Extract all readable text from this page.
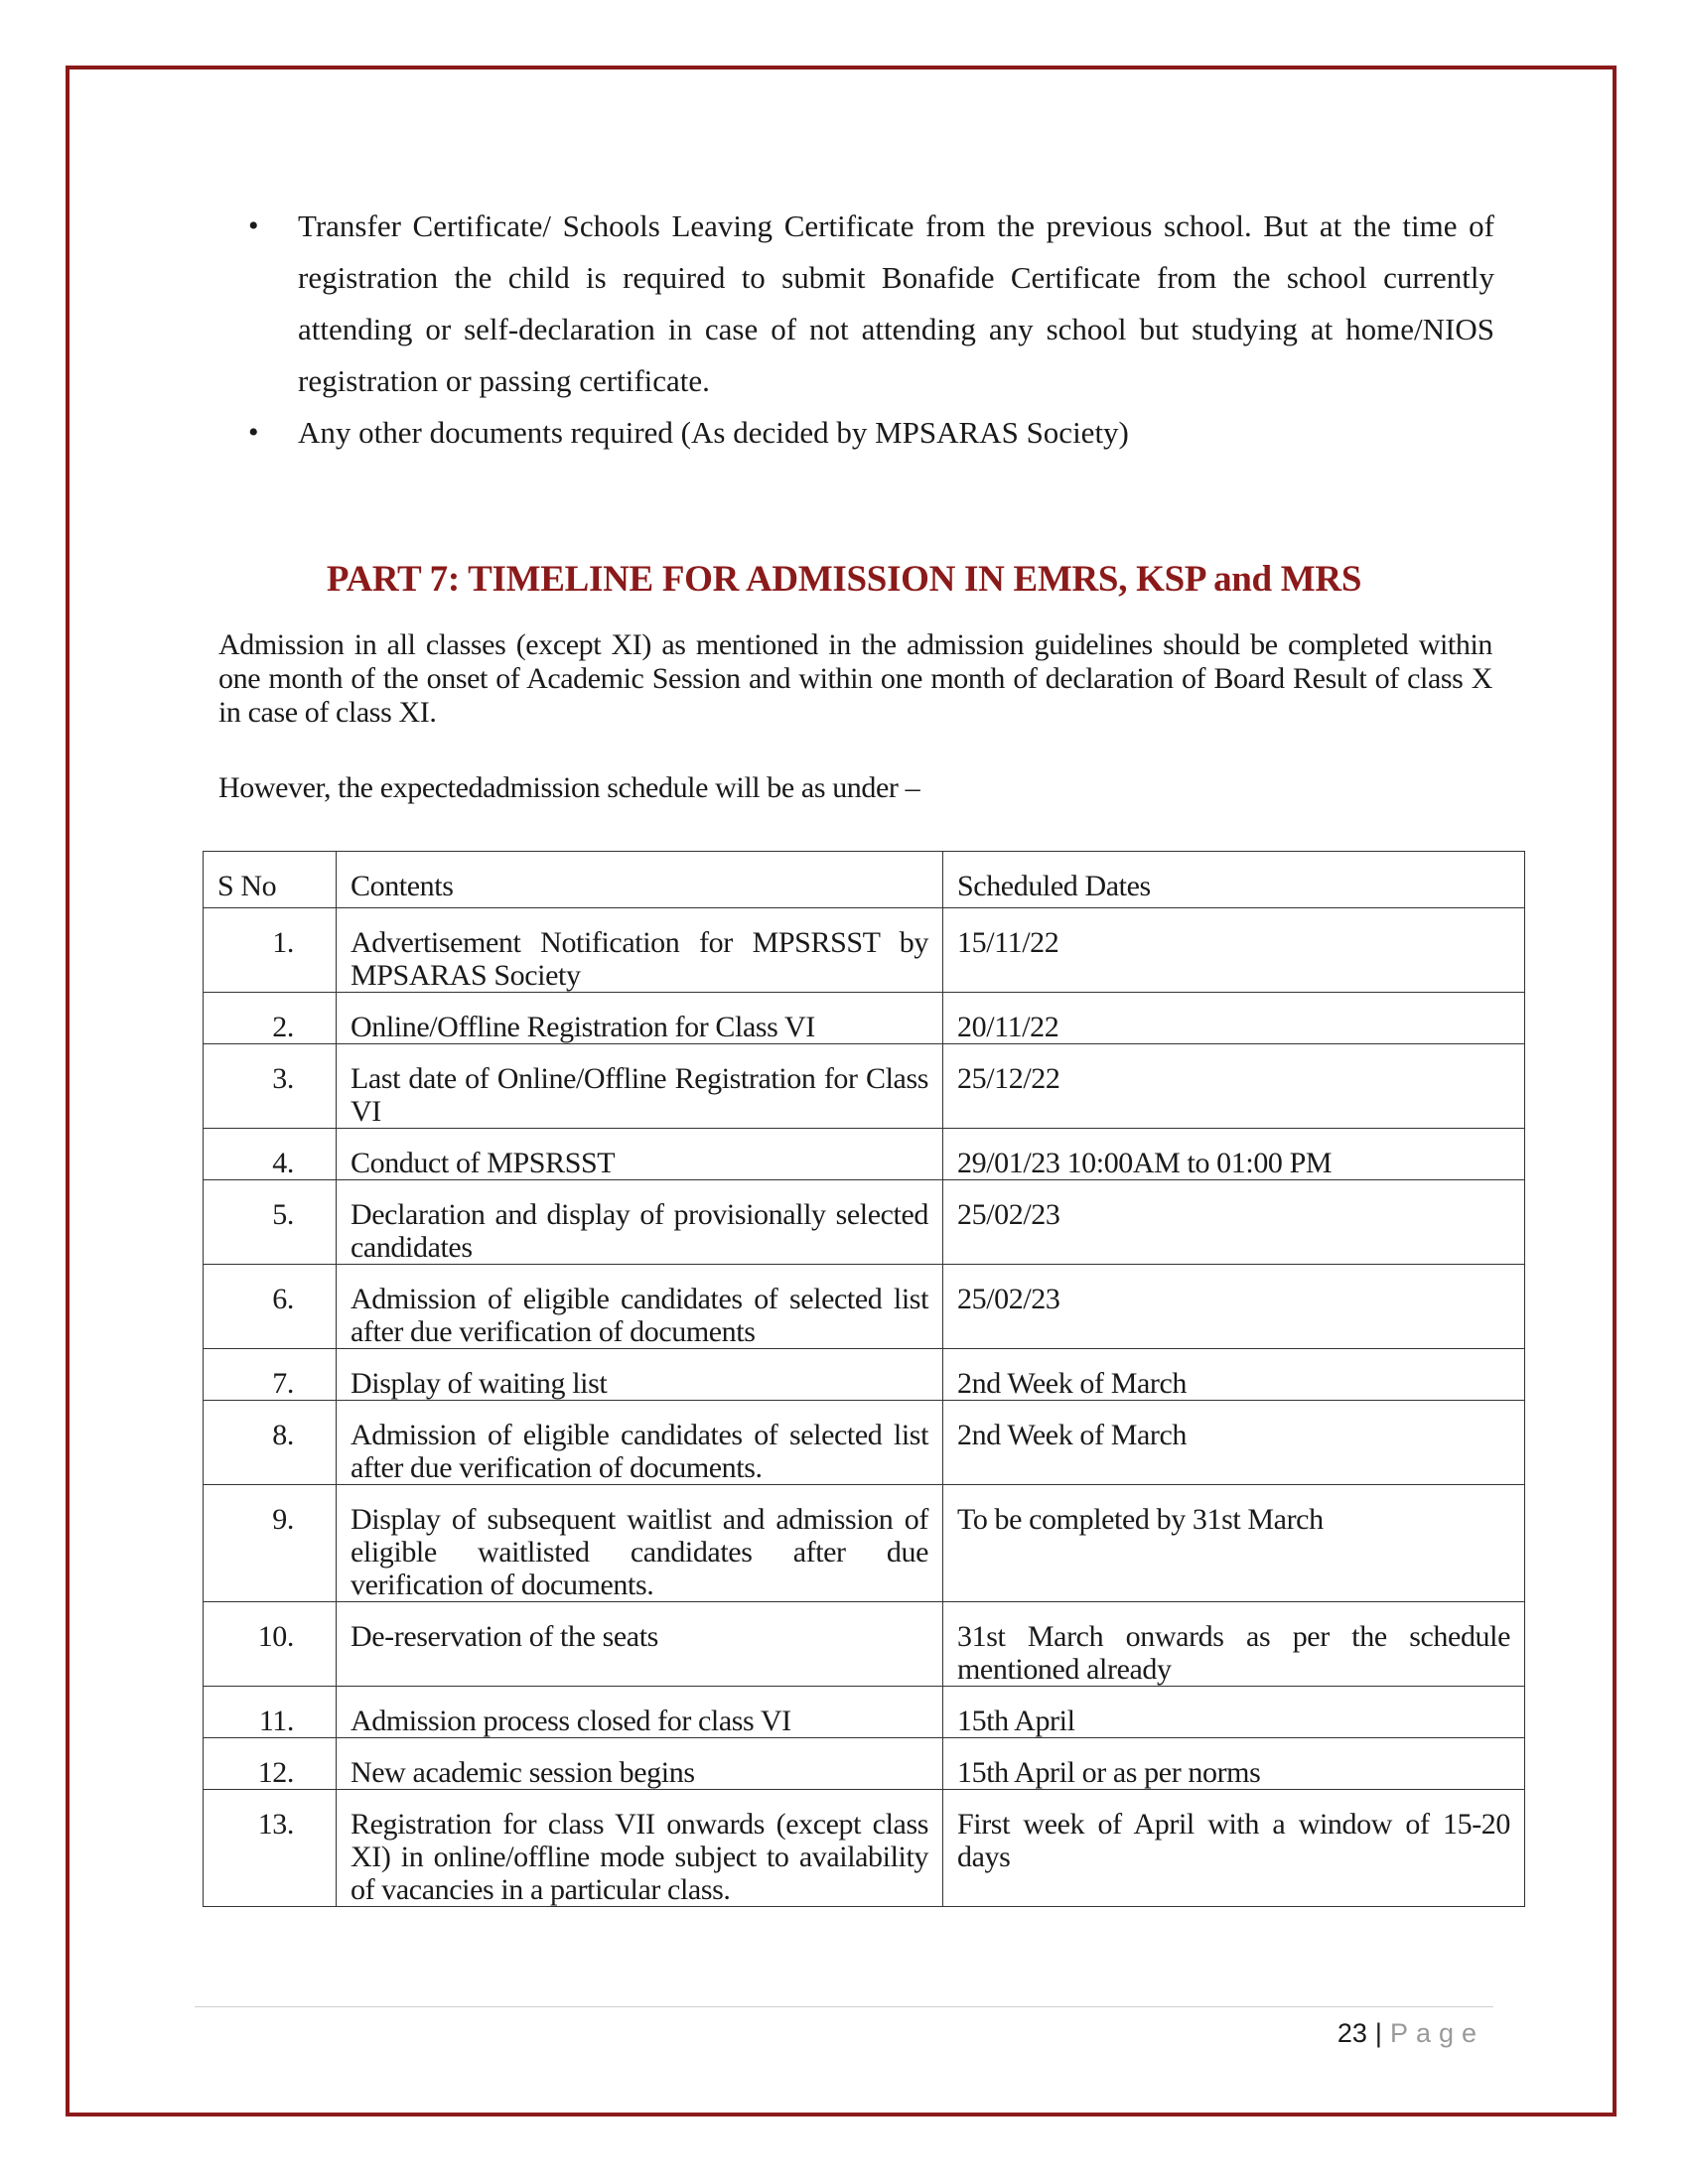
• Transfer Certificate/ Schools Leaving Certificate from the previous school. But at the time of registration the child is required to submit Bonafide Certificate from the school currently attending or self-declaration in case of not attending any school but studying at home/NIOS registration or passing certificate.
• Any other documents required (As decided by MPSARAS Society)
PART 7: TIMELINE FOR ADMISSION IN EMRS, KSP and MRS

Admission in all classes (except XI) as mentioned in the admission guidelines should be completed within one month of the onset of Academic Session and within one month of declaration of Board Result of class X in case of class XI.

However, the expectedadmission schedule will be as under –

S No	Contents	Scheduled Dates
1.	Advertisement Notification for MPSRSST by MPSARAS Society	15/11/22
2.	Online/Offline Registration for Class VI	20/11/22
3.	Last date of Online/Offline Registration for Class VI	25/12/22
4.	Conduct of MPSRSST	29/01/23 10:00AM to 01:00 PM
5.	Declaration and display of provisionally selected candidates	25/02/23
6.	Admission of eligible candidates of selected list after due verification of documents	25/02/23
7.	Display of waiting list	2nd Week of March
8.	Admission of eligible candidates of selected list after due verification of documents.	2nd Week of March
9.	Display of subsequent waitlist and admission of eligible waitlisted candidates after due verification of documents.	To be completed by 31st March
10.	De-reservation of the seats	31st March onwards as per the schedule mentioned already
11.	Admission process closed for class VI	15th April
12.	New academic session begins	15th April or as per norms
13.	Registration for class VII onwards (except class XI) in online/offline mode subject to availability of vacancies in a particular class.	First week of April with a window of 15-20 days
23 | Page
